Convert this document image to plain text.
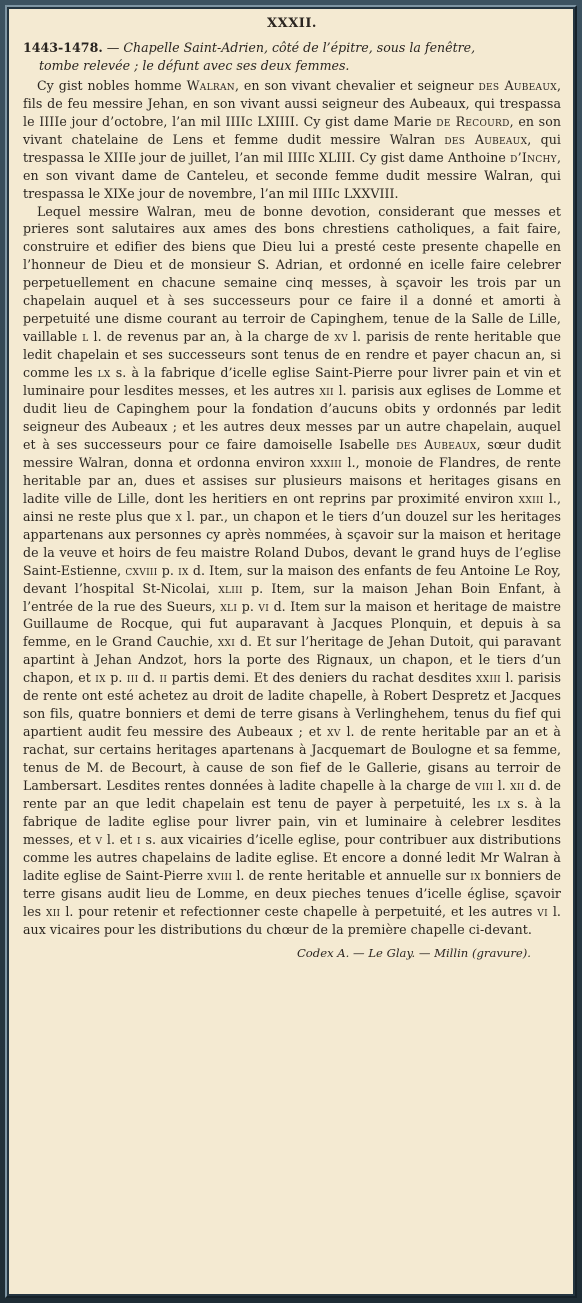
XXXII.
1443-1478. — Chapelle Saint-Adrien, côté de l’épitre, sous la fenêtre,
tombe relevée ; le défunt avec ses deux femmes.

Cy gist nobles homme Walran, en son vivant chevalier et seigneur des Aubeaux, fils de feu messire Jehan, en son vivant aussi seigneur des Aubeaux, qui trespassa le IIIIe jour d’octobre, l’an mil IIIIc LXIIII. Cy gist dame Marie de Recourd, en son vivant chatelaine de Lens et femme dudit messire Walran des Aubeaux, qui trespassa le XIIIe jour de juillet, l’an mil IIIIc XLIII. Cy gist dame Anthoine d’Inchy, en son vivant dame de Canteleu, et seconde femme dudit messire Walran, qui trespassa le XIXe jour de novembre, l’an mil IIIIc LXXVIII.

Lequel messire Walran, meu de bonne devotion, considerant que messes et prieres sont salutaires aux ames des bons chrestiens catholiques, a fait faire, construire et edifier des biens que Dieu lui a presté ceste presente chapelle en l’honneur de Dieu et de monsieur S. Adrian, et ordonné en icelle faire celebrer perpetuellement en chacune semaine cinq messes, à sçavoir les trois par un chapelain auquel et à ses successeurs pour ce faire il a donné et amorti à perpetuité une disme courant au terroir de Capinghem, tenue de la Salle de Lille, vaillable l l. de revenus par an, à la charge de xv l. parisis de rente heritable que ledit chapelain et ses successeurs sont tenus de en rendre et payer chacun an, si comme les lx s. à la fabrique d’icelle eglise Saint-Pierre pour livrer pain et vin et luminaire pour lesdites messes, et les autres xii l. parisis aux eglises de Lomme et dudit lieu de Capinghem pour la fondation d’aucuns obits y ordonnés par ledit seigneur des Aubeaux ; et les autres deux messes par un autre chapelain, auquel et à ses successeurs pour ce faire damoiselle Isabelle des Aubeaux, sœur dudit messire Walran, donna et ordonna environ xxxiii l., monoie de Flandres, de rente heritable par an, dues et assises sur plusieurs maisons et heritages gisans en ladite ville de Lille, dont les heritiers en ont reprins par proximité environ xxiii l., ainsi ne reste plus que x l. par., un chapon et le tiers d’un douzel sur les heritages appartenans aux personnes cy après nommées, à sçavoir sur la maison et heritage de la veuve et hoirs de feu maistre Roland Dubos, devant le grand huys de l’eglise Saint-Estienne, cxviii p. ix d. Item, sur la maison des enfants de feu Antoine Le Roy, devant l’hospital St-Nicolai, xliii p. Item, sur la maison Jehan Boin Enfant, à l’entrée de la rue des Sueurs, xli p. vi d. Item sur la maison et heritage de maistre Guillaume de Rocque, qui fut auparavant à Jacques Plonquin, et depuis à sa femme, en le Grand Cauchie, xxi d. Et sur l’heritage de Jehan Dutoit, qui paravant apartint à Jehan Andzot, hors la porte des Rignaux, un chapon, et le tiers d’un chapon, et ix p. iii d. ii partis demi. Et des deniers du rachat desdites xxiii l. parisis de rente ont esté achetez au droit de ladite chapelle, à Robert Despretz et Jacques son fils, quatre bonniers et demi de terre gisans à Verlinghehem, tenus du fief qui apartient audit feu messire des Aubeaux ; et xv l. de rente heritable par an et à rachat, sur certains heritages apartenans à Jacquemart de Boulogne et sa femme, tenus de M. de Becourt, à cause de son fief de le Gallerie, gisans au terroir de Lambersart. Lesdites rentes données à ladite chapelle à la charge de viii l. xii d. de rente par an que ledit chapelain est tenu de payer à perpetuité, les lx s. à la fabrique de ladite eglise pour livrer pain, vin et luminaire à celebrer lesdites messes, et v l. et i s. aux vicairies d’icelle eglise, pour contribuer aux distributions comme les autres chapelains de ladite eglise. Et encore a donné ledit Mr Walran à ladite eglise de Saint-Pierre xviii l. de rente heritable et annuelle sur ix bonniers de terre gisans audit lieu de Lomme, en deux pieches tenues d’icelle église, sçavoir les xii l. pour retenir et refectionner ceste chapelle à perpetuité, et les autres vi l. aux vicaires pour les distributions du chœur de la première chapelle ci-devant.

Codex A. — Le Glay. — Millin (gravure).
